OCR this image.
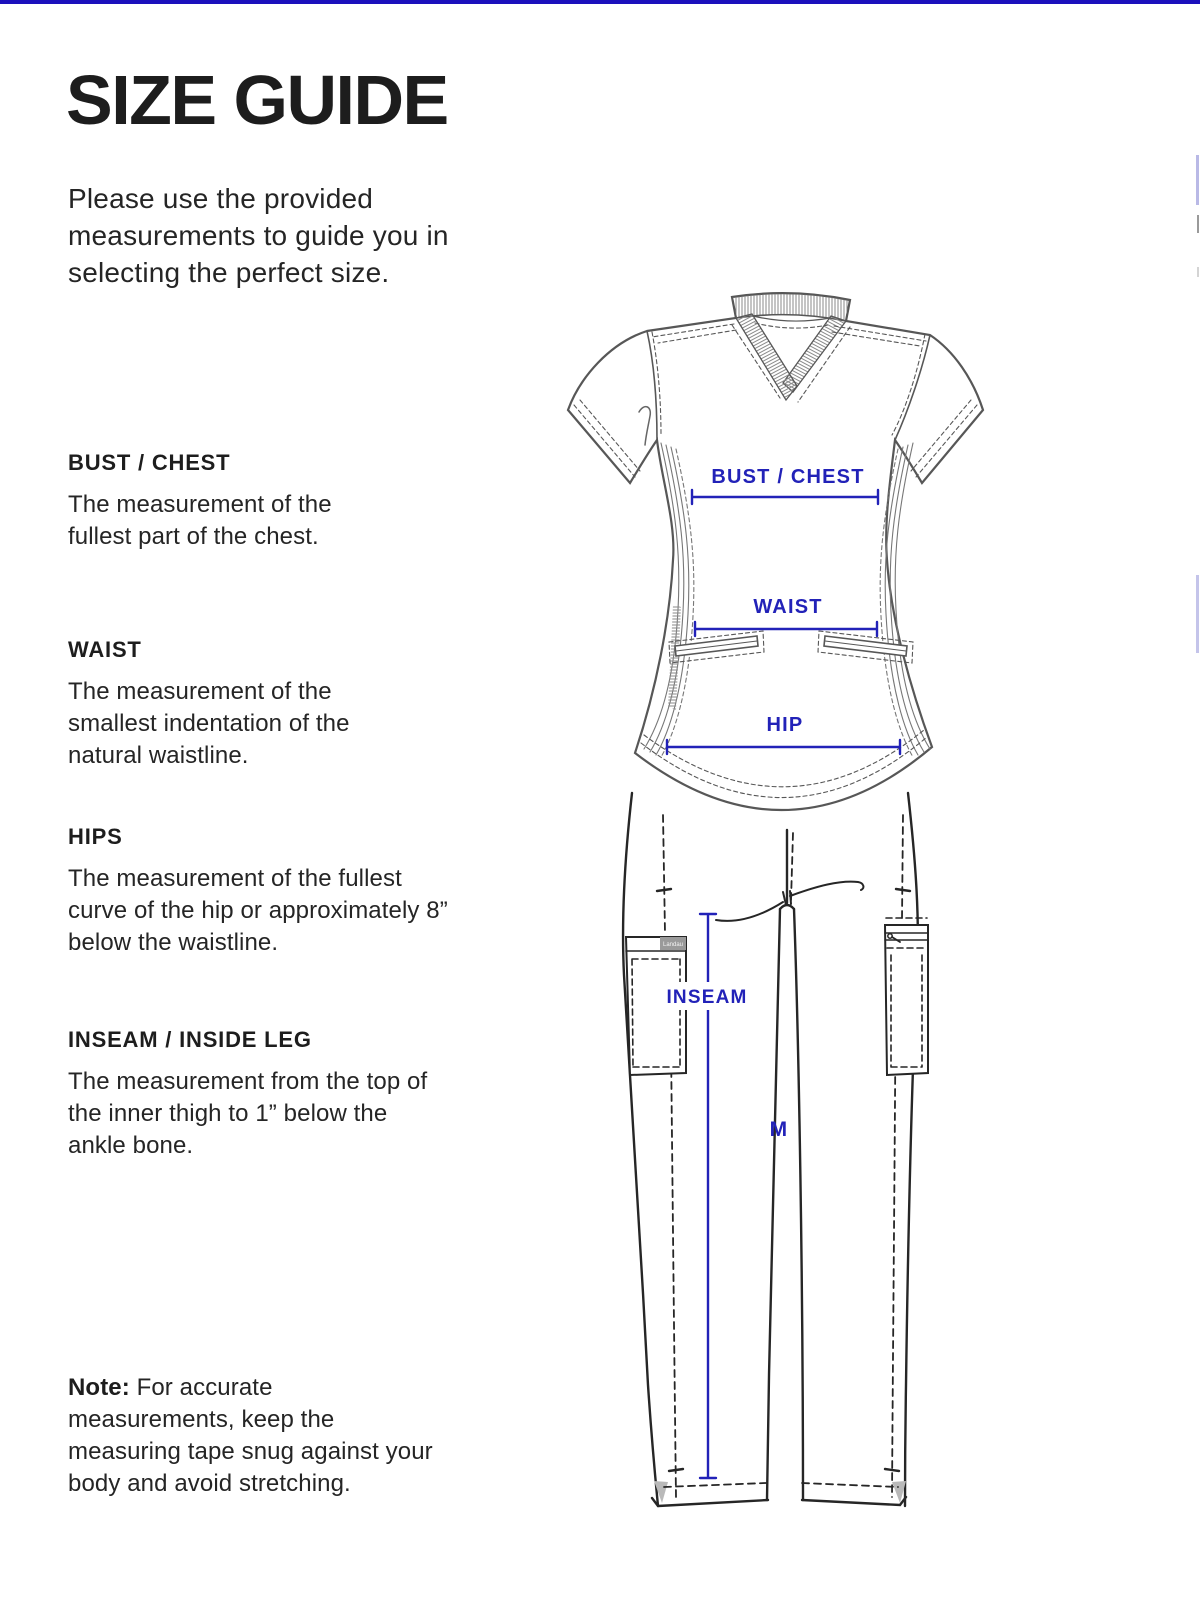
SIZE GUIDE
Please use the provided measurements to guide you in selecting the perfect size.
BUST / CHEST

The measurement of the fullest part of the chest.

WAIST

The measurement of the smallest indentation of the natural waistline.

HIPS

The measurement of the fullest curve of the hip or approximately 8” below the waistline.

INSEAM / INSIDE LEG

The measurement from the top of the inner thigh to 1” below the ankle bone.

Note: For accurate measurements, keep the measuring tape snug against your body and avoid stretching.
Landau
BUST / CHEST
WAIST
HIP
INSEAM
M
